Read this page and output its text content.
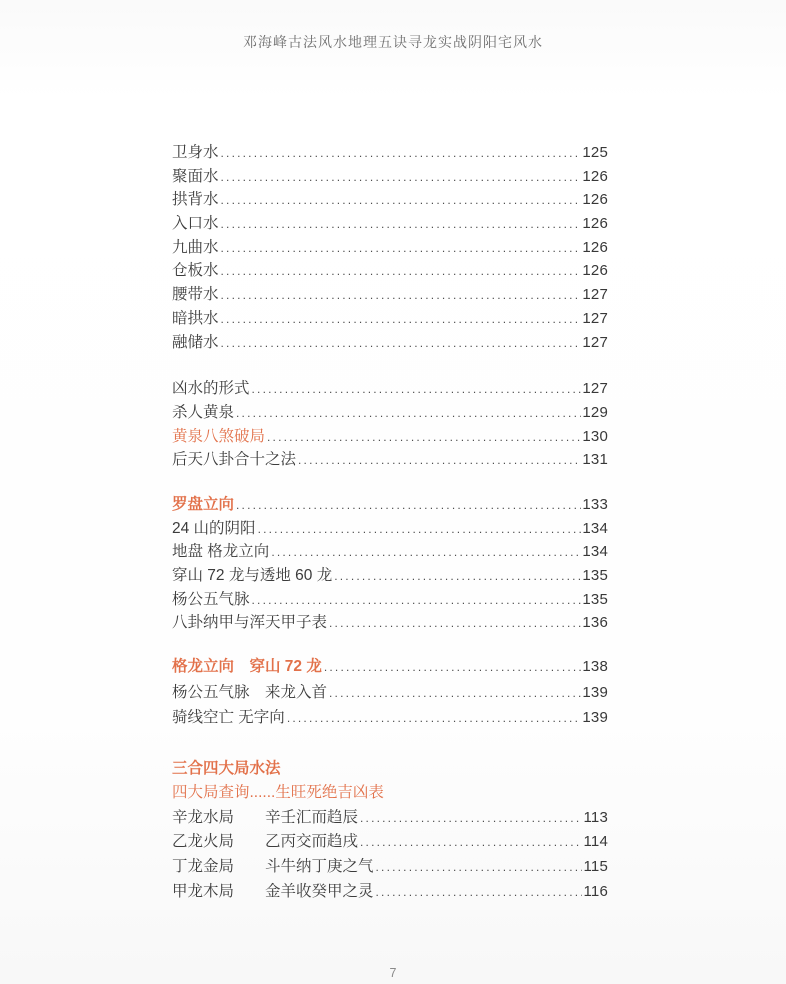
邓海峰古法风水地理五诀寻龙实战阴阳宅风水
卫身水 .....	125
聚面水 .....	126
拱背水 .....	126
入口水 .....	126
九曲水 .....	126
仓板水 .....	126
腰带水 .....	127
暗拱水 .....	127
融储水 .....	127
凶水的形式 .....	127
杀人黄泉 .....	129
黄泉八煞破局 .....	130
后天八卦合十之法 .....	131
罗盘立向 .....	133
24 山的阴阳 .....	134
地盘 格龙立向 .....	134
穿山 72 龙与透地 60 龙 .....	135
杨公五气脉 .....	135
八卦纳甲与浑天甲子表 .....	136
格龙立向　穿山 72 龙 .....	138
杨公五气脉　来龙入首 .....	139
骑线空亡 无字向 .....	139
三合四大局水法
四大局查询......生旺死绝吉凶表
辛龙水局	辛壬汇而趋辰 .....	113
乙龙火局	乙丙交而趋戌 .....	114
丁龙金局	斗牛纳丁庚之气 .....	115
甲龙木局	金羊收癸甲之灵 .....	116
7
